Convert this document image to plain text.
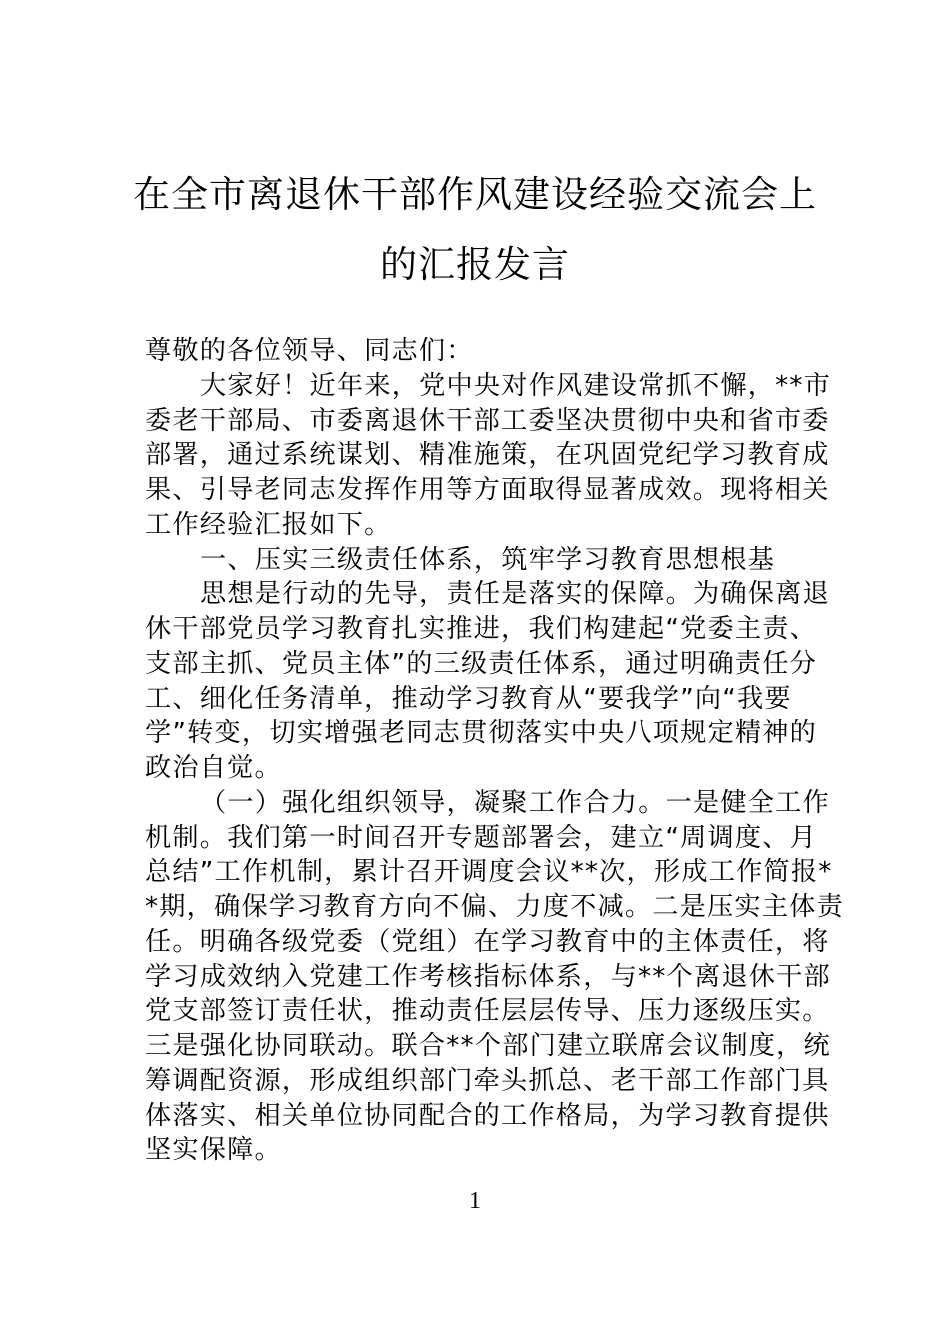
在全市离退休干部作风建设经验交流会上
的汇报发言
尊敬的各位领导、同志们：
大家好！近年来，党中央对作风建设常抓不懈，**市
委老干部局、市委离退休干部工委坚决贯彻中央和省市委
部署，通过系统谋划、精准施策，在巩固党纪学习教育成
果、引导老同志发挥作用等方面取得显著成效。现将相关
工作经验汇报如下。
一、压实三级责任体系，筑牢学习教育思想根基
思想是行动的先导，责任是落实的保障。为确保离退
休干部党员学习教育扎实推进，我们构建起“党委主责、
支部主抓、党员主体”的三级责任体系，通过明确责任分
工、细化任务清单，推动学习教育从“要我学”向“我要
学”转变，切实增强老同志贯彻落实中央八项规定精神的
政治自觉。
（一）强化组织领导，凝聚工作合力。一是健全工作
机制。我们第一时间召开专题部署会，建立“周调度、月
总结”工作机制，累计召开调度会议**次，形成工作简报*
*期，确保学习教育方向不偏、力度不减。二是压实主体责
任。明确各级党委（党组）在学习教育中的主体责任，将
学习成效纳入党建工作考核指标体系，与**个离退休干部
党支部签订责任状，推动责任层层传导、压力逐级压实。
三是强化协同联动。联合**个部门建立联席会议制度，统
筹调配资源，形成组织部门牵头抓总、老干部工作部门具
体落实、相关单位协同配合的工作格局，为学习教育提供
坚实保障。
1
